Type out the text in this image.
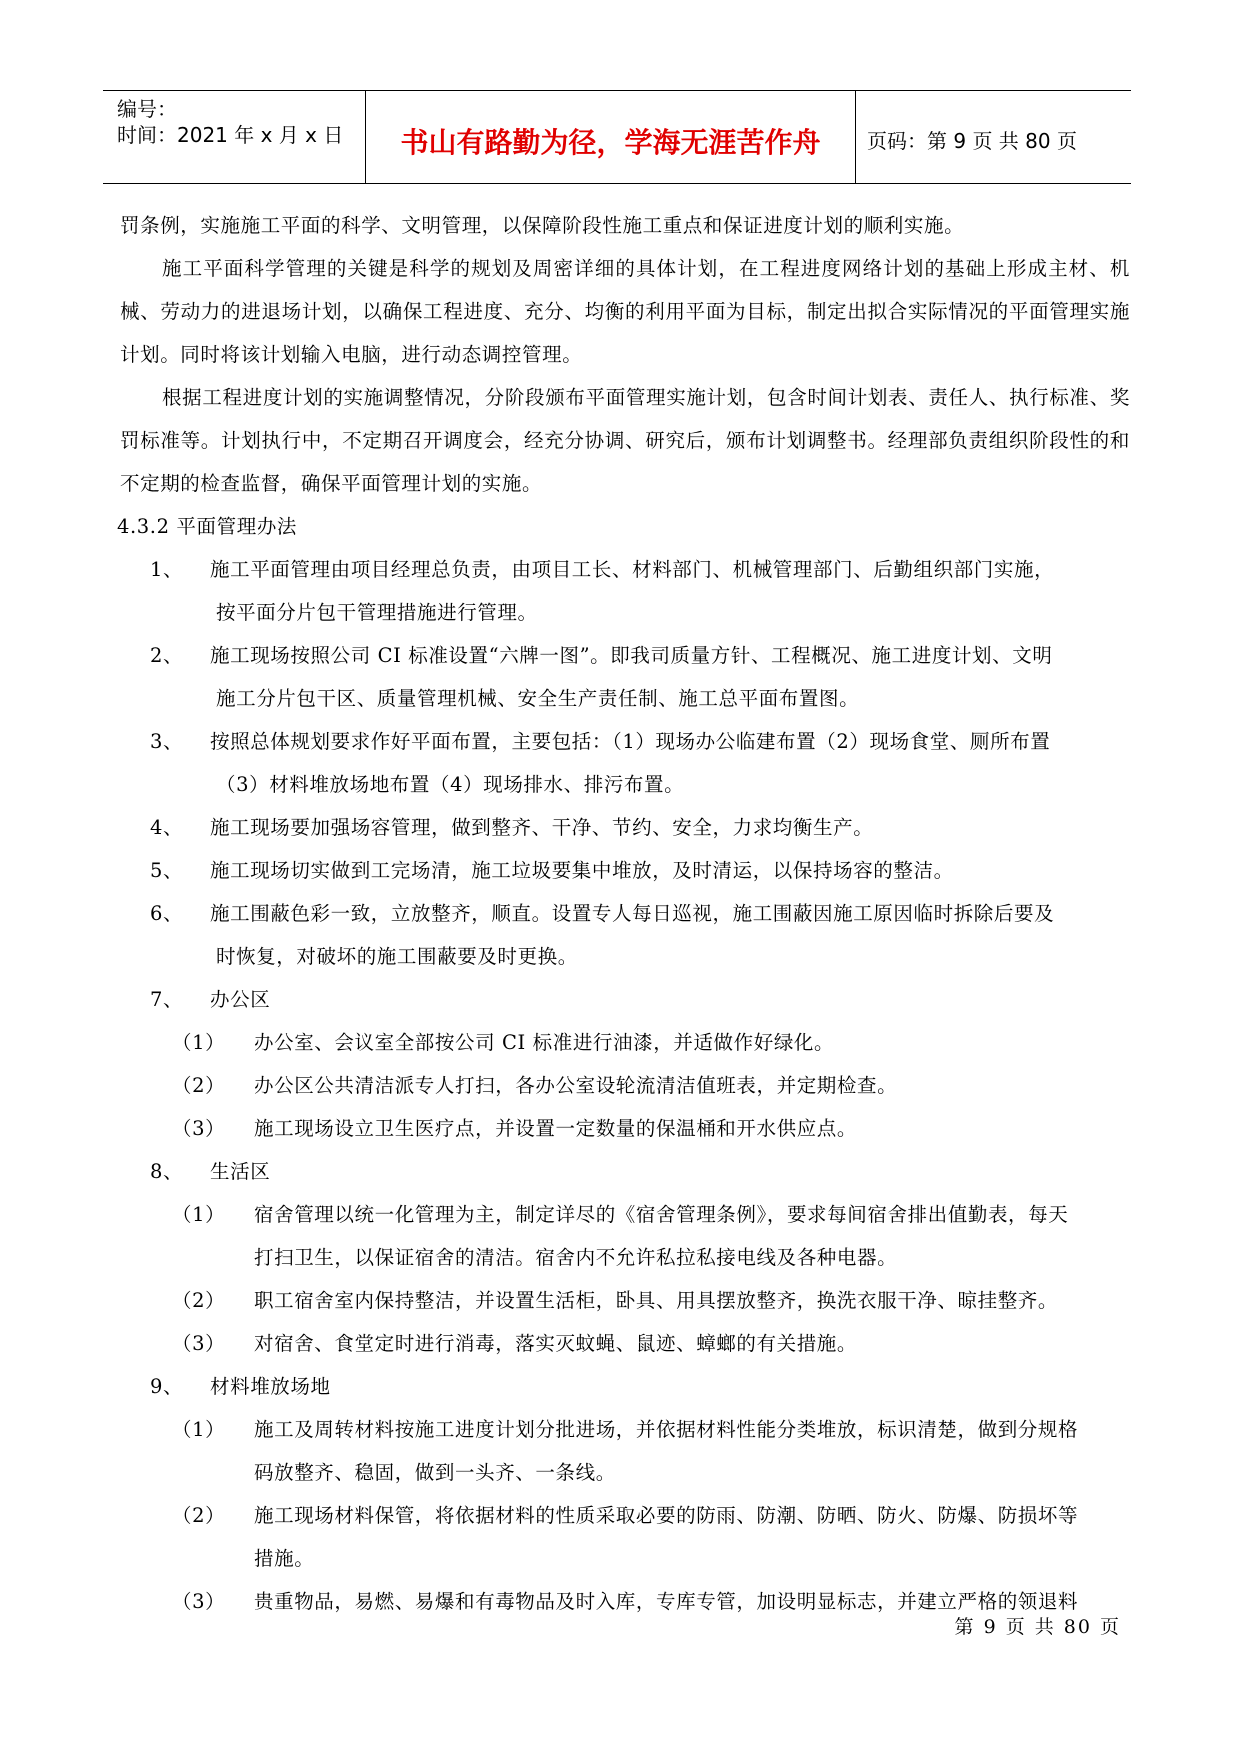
编号：
时间：2021 年 x 月 x 日	书山有路勤为径，学海无涯苦作舟	页码：第 9 页 共 80 页

罚条例，实施施工平面的科学、文明管理，以保障阶段性施工重点和保证进度计划的顺利实施。

施工平面科学管理的关键是科学的规划及周密详细的具体计划，在工程进度网络计划的基础上形成主材、机械、劳动力的进退场计划，以确保工程进度、充分、均衡的利用平面为目标，制定出拟合实际情况的平面管理实施计划。同时将该计划输入电脑，进行动态调控管理。

根据工程进度计划的实施调整情况，分阶段颁布平面管理实施计划，包含时间计划表、责任人、执行标准、奖罚标准等。计划执行中，不定期召开调度会，经充分协调、研究后，颁布计划调整书。经理部负责组织阶段性的和不定期的检查监督，确保平面管理计划的实施。

4.3.2 平面管理办法

1、	施工平面管理由项目经理总负责，由项目工长、材料部门、机械管理部门、后勤组织部门实施，
按平面分片包干管理措施进行管理。
2、	施工现场按照公司 CI 标准设置“六牌一图”。即我司质量方针、工程概况、施工进度计划、文明
施工分片包干区、质量管理机械、安全生产责任制、施工总平面布置图。
3、	按照总体规划要求作好平面布置，主要包括：（1）现场办公临建布置（2）现场食堂、厕所布置
（3）材料堆放场地布置（4）现场排水、排污布置。
4、	施工现场要加强场容管理，做到整齐、干净、节约、安全，力求均衡生产。
5、	施工现场切实做到工完场清，施工垃圾要集中堆放，及时清运，以保持场容的整洁。
6、	施工围蔽色彩一致，立放整齐，顺直。设置专人每日巡视，施工围蔽因施工原因临时拆除后要及
时恢复，对破坏的施工围蔽要及时更换。
7、	办公区
（1）	办公室、会议室全部按公司 CI 标准进行油漆，并适做作好绿化。
（2）	办公区公共清洁派专人打扫，各办公室设轮流清洁值班表，并定期检查。
（3）	施工现场设立卫生医疗点，并设置一定数量的保温桶和开水供应点。
8、	生活区
（1）	宿舍管理以统一化管理为主，制定详尽的《宿舍管理条例》，要求每间宿舍排出值勤表，每天
打扫卫生，以保证宿舍的清洁。宿舍内不允许私拉私接电线及各种电器。
（2）	职工宿舍室内保持整洁，并设置生活柜，卧具、用具摆放整齐，换洗衣服干净、晾挂整齐。
（3）	对宿舍、食堂定时进行消毒，落实灭蚊蝇、鼠迹、蟑螂的有关措施。
9、	材料堆放场地
（1）	施工及周转材料按施工进度计划分批进场，并依据材料性能分类堆放，标识清楚，做到分规格
码放整齐、稳固，做到一头齐、一条线。
（2）	施工现场材料保管，将依据材料的性质采取必要的防雨、防潮、防晒、防火、防爆、防损坏等
措施。
（3）	贵重物品，易燃、易爆和有毒物品及时入库，专库专管，加设明显标志，并建立严格的领退料
第 9 页 共 80 页
